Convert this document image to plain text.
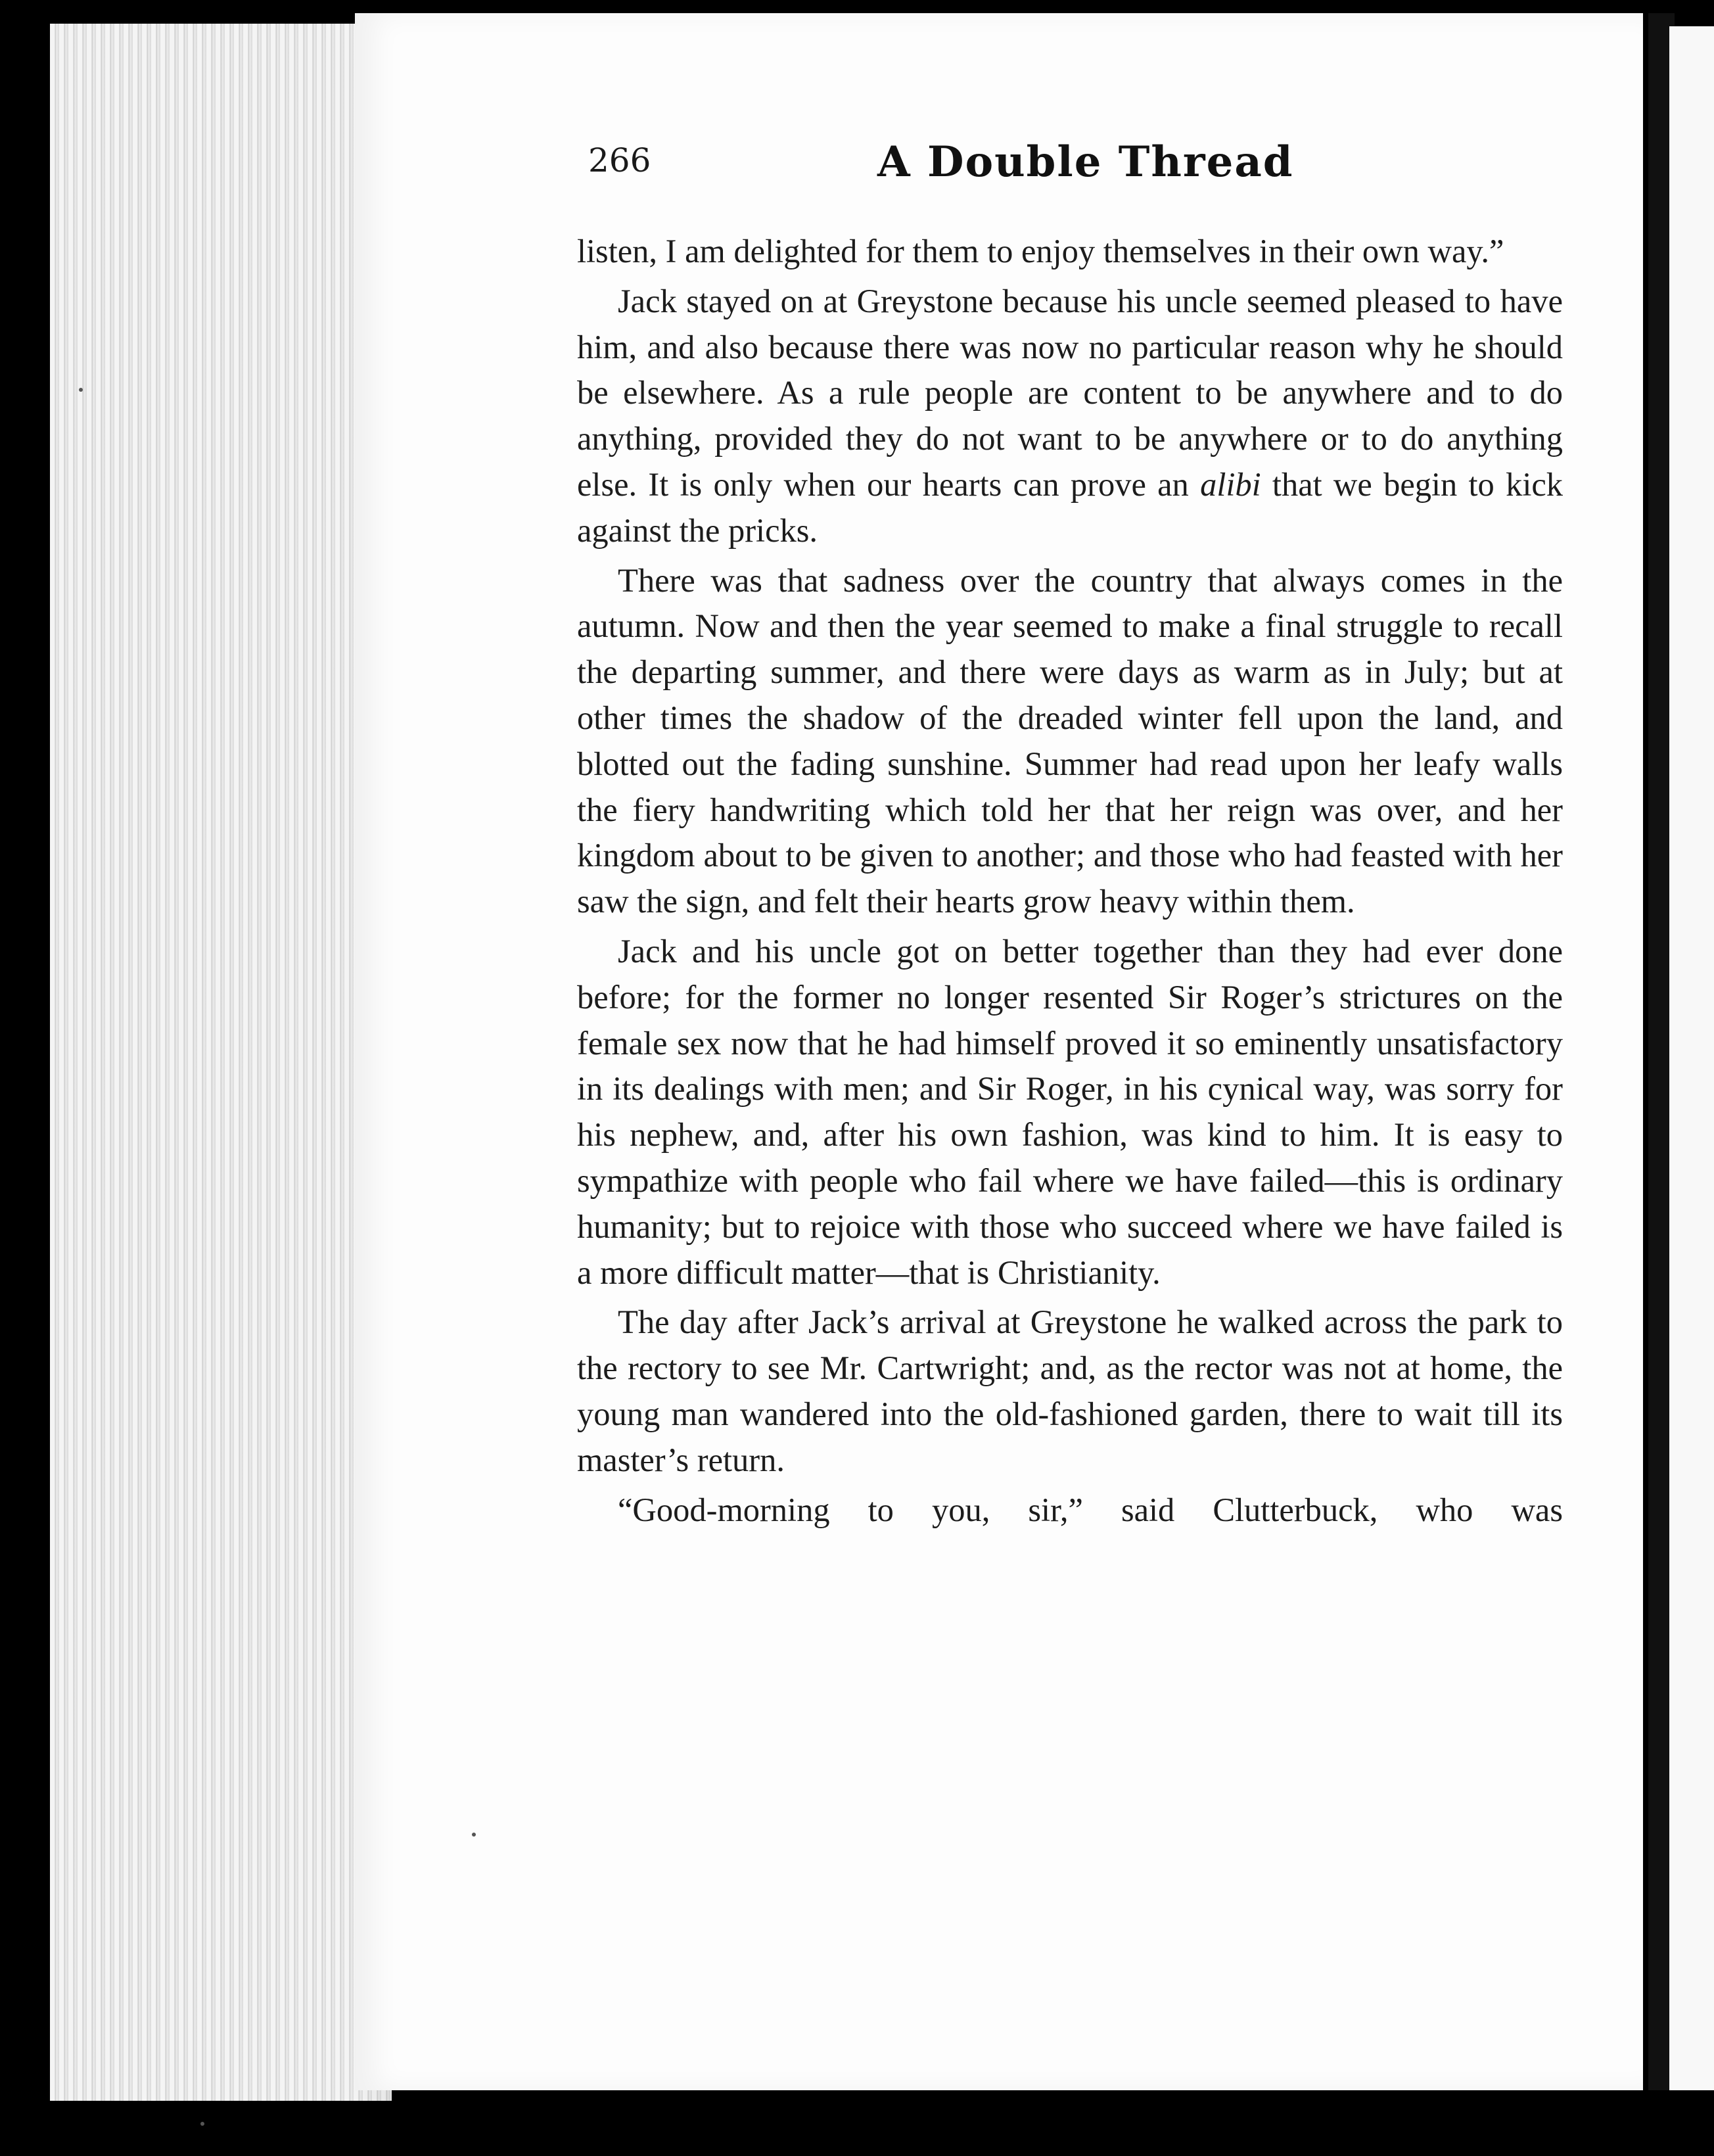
266	A Double Thread

listen, I am delighted for them to enjoy themselves in their own way.”

Jack stayed on at Greystone because his uncle seemed pleased to have him, and also because there was now no particular reason why he should be elsewhere. As a rule people are content to be anywhere and to do anything, provided they do not want to be anywhere or to do anything else. It is only when our hearts can prove an alibi that we begin to kick against the pricks.

There was that sadness over the country that always comes in the autumn. Now and then the year seemed to make a final struggle to recall the departing summer, and there were days as warm as in July; but at other times the shadow of the dreaded winter fell upon the land, and blotted out the fading sunshine. Summer had read upon her leafy walls the fiery handwriting which told her that her reign was over, and her kingdom about to be given to another; and those who had feasted with her saw the sign, and felt their hearts grow heavy within them.

Jack and his uncle got on better together than they had ever done before; for the former no longer resented Sir Roger’s strictures on the female sex now that he had himself proved it so eminently unsatisfactory in its dealings with men; and Sir Roger, in his cynical way, was sorry for his nephew, and, after his own fashion, was kind to him. It is easy to sympathize with people who fail where we have failed—this is ordinary humanity; but to rejoice with those who succeed where we have failed is a more difficult matter—that is Christianity.

The day after Jack’s arrival at Greystone he walked across the park to the rectory to see Mr. Cartwright; and, as the rector was not at home, the young man wandered into the old-fashioned garden, there to wait till its master’s return.

“Good-morning to you, sir,” said Clutterbuck, who was
